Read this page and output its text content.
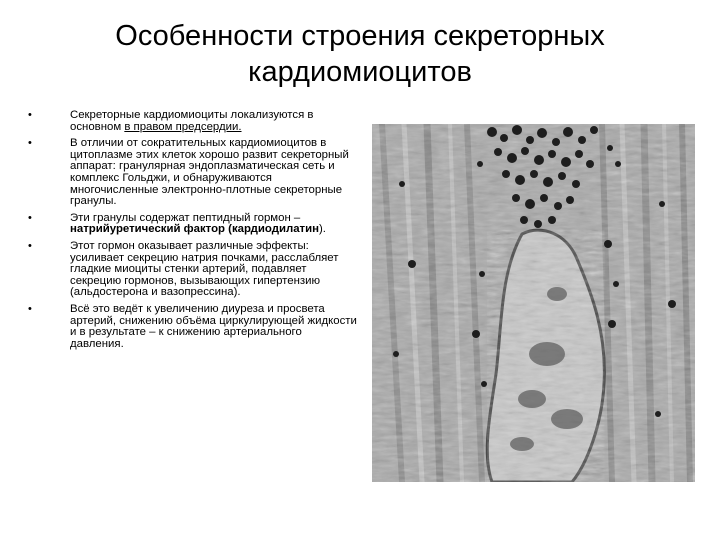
Особенности строения секреторных
кардиомиоцитов
•	Секреторные кардиомиоциты локализуются в основном в правом предсердии.
•	В отличии от сократительных кардиомиоцитов в цитоплазме этих клеток хорошо развит секреторный аппарат: гранулярная эндоплазматическая сеть и комплекс Гольджи, и обнаруживаются многочисленные электронно-плотные секреторные гранулы.
•	Эти гранулы содержат пептидный гормон – натрийуретический фактор (кардиодилатин).
•	Этот гормон оказывает различные эффекты: усиливает секрецию натрия почками, расслабляет гладкие миоциты стенки артерий, подавляет секрецию гормонов, вызывающих гипертензию (альдостерона и вазопрессина).
•	Всё это ведёт к увеличению диуреза и просвета артерий, снижению объёма циркулирующей жидкости и в результате – к снижению артериального давления.
